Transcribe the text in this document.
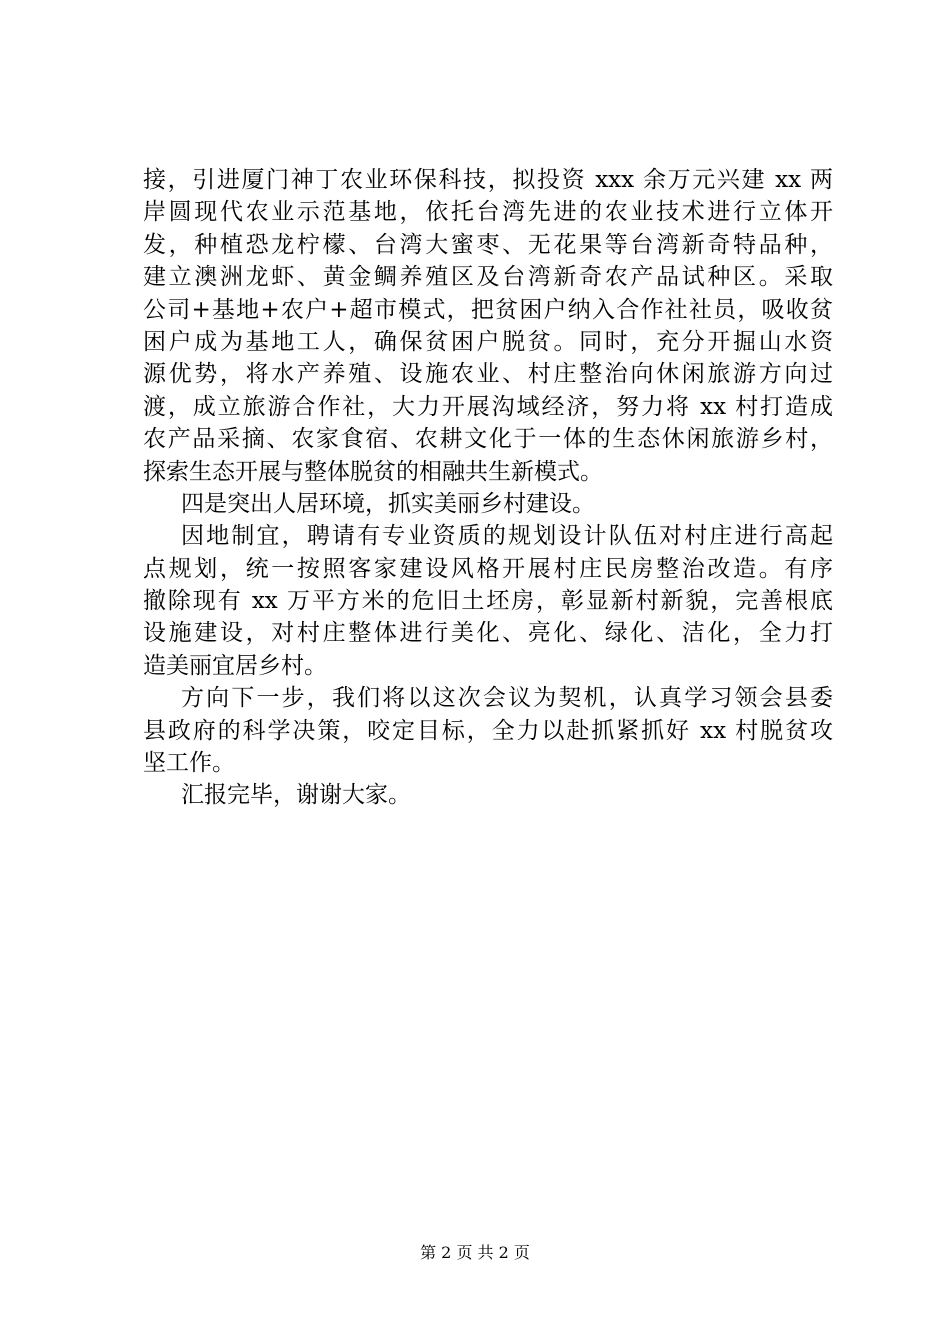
接，引进厦门神丁农业环保科技，拟投资 xxx 余万元兴建 xx 两
岸圆现代农业示范基地，依托台湾先进的农业技术进行立体开
发，种植恐龙柠檬、台湾大蜜枣、无花果等台湾新奇特品种，
建立澳洲龙虾、黄金鲷养殖区及台湾新奇农产品试种区。采取
公司+基地+农户+超市模式，把贫困户纳入合作社社员，吸收贫
困户成为基地工人，确保贫困户脱贫。同时，充分开掘山水资
源优势，将水产养殖、设施农业、村庄整治向休闲旅游方向过
渡，成立旅游合作社，大力开展沟域经济，努力将 xx 村打造成
农产品采摘、农家食宿、农耕文化于一体的生态休闲旅游乡村，
探索生态开展与整体脱贫的相融共生新模式。
四是突出人居环境，抓实美丽乡村建设。
因地制宜，聘请有专业资质的规划设计队伍对村庄进行高起
点规划，统一按照客家建设风格开展村庄民房整治改造。有序
撤除现有 xx 万平方米的危旧土坯房，彰显新村新貌，完善根底
设施建设，对村庄整体进行美化、亮化、绿化、洁化，全力打
造美丽宜居乡村。
方向下一步，我们将以这次会议为契机，认真学习领会县委
县政府的科学决策，咬定目标，全力以赴抓紧抓好 xx 村脱贫攻
坚工作。
汇报完毕，谢谢大家。
第 2 页 共 2 页
